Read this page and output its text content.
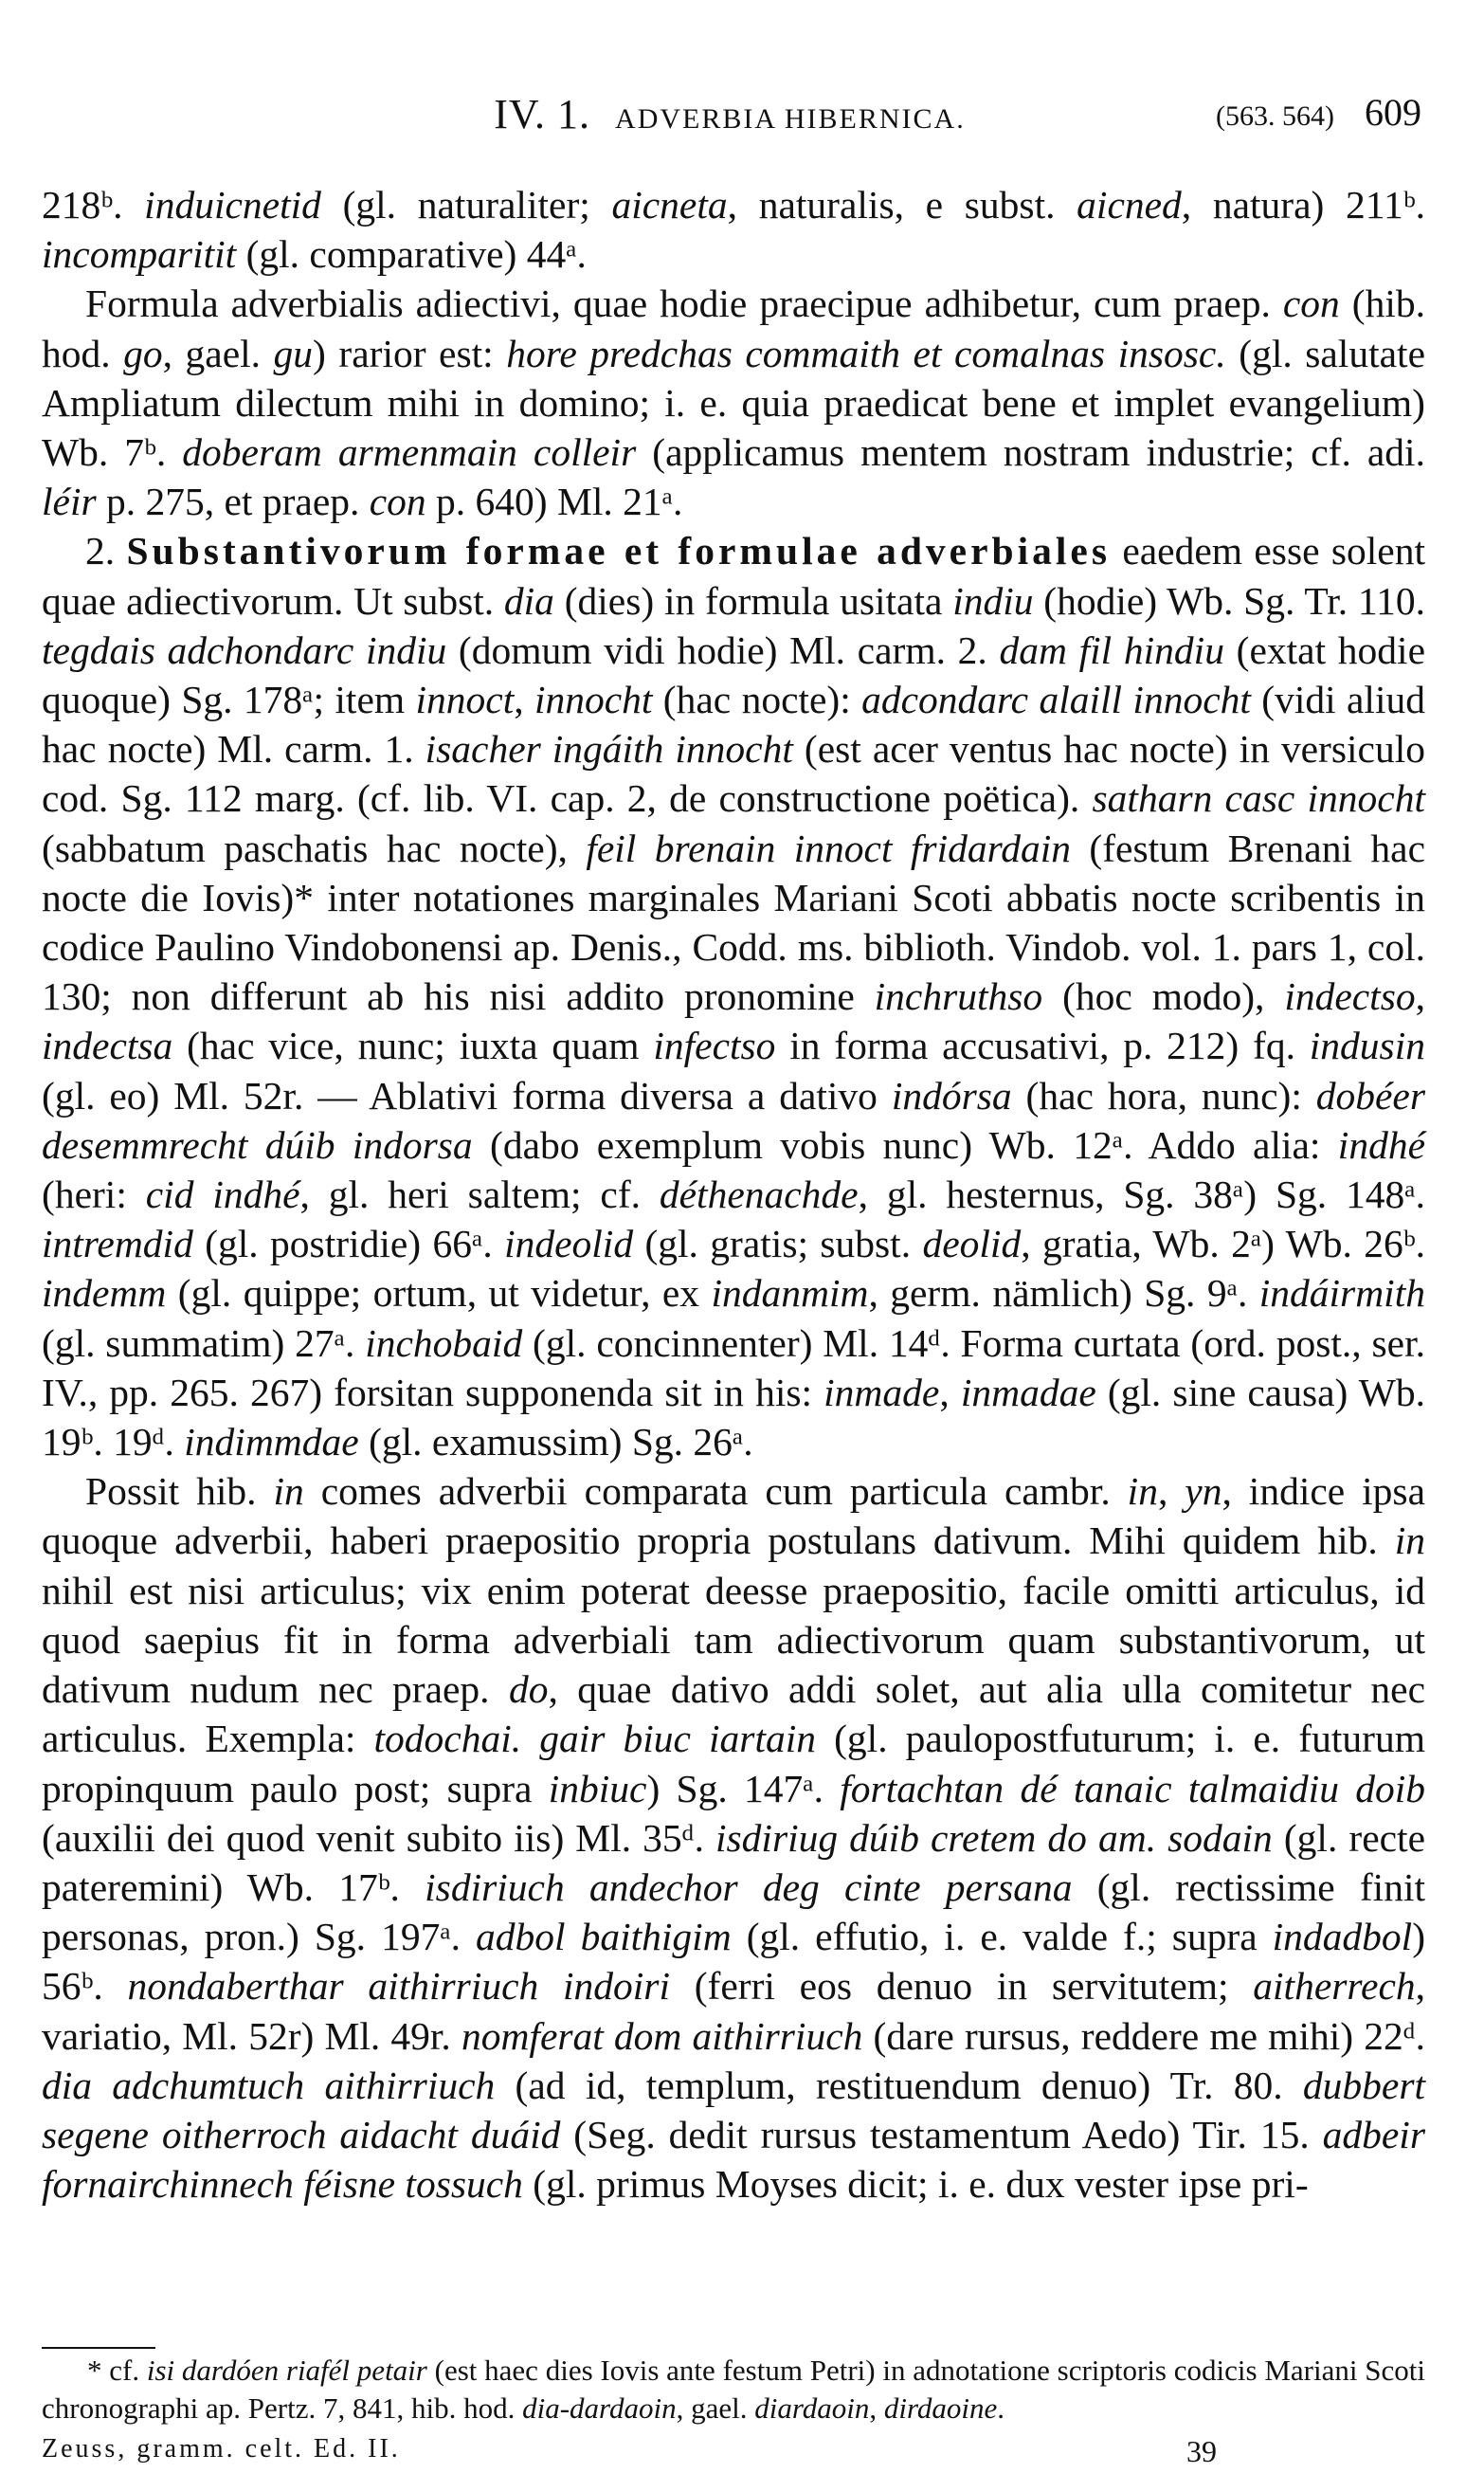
IV. 1. ADVERBIA HIBERNICA.	(563. 564) 609

218ᵇ. induicnetid (gl. naturaliter; aicneta, naturalis, e subst. aicned, natura) 211ᵇ. incomparitit (gl. comparative) 44ᵃ.

Formula adverbialis adiectivi, quae hodie praecipue adhibetur, cum praep. con (hib. hod. go, gael. gu) rarior est: hore predchas commaith et comalnas insosc. (gl. salutate Ampliatum dilectum mihi in domino; i. e. quia praedicat bene et implet evangelium) Wb. 7ᵇ. doberam armenmain colleir (applicamus mentem nostram industrie; cf. adi. léir p. 275, et praep. con p. 640) Ml. 21ᵃ.

2. Substantivorum formae et formulae adverbiales eaedem esse solent quae adiectivorum. Ut subst. dia (dies) in formula usitata indiu (hodie) Wb. Sg. Tr. 110. tegdais adchondarc indiu (domum vidi hodie) Ml. carm. 2. dam fil hindiu (extat hodie quoque) Sg. 178ᵃ; item innoct, innocht (hac nocte): adcondarc alaill innocht (vidi aliud hac nocte) Ml. carm. 1. isacher ingáith innocht (est acer ventus hac nocte) in versiculo cod. Sg. 112 marg. (cf. lib. VI. cap. 2, de constructione poëtica). satharn casc innocht (sabbatum paschatis hac nocte), feil brenain innoct fridardain (festum Brenani hac nocte die Iovis)* inter notationes marginales Mariani Scoti abbatis nocte scribentis in codice Paulino Vindobonensi ap. Denis., Codd. ms. biblioth. Vindob. vol. 1. pars 1, col. 130; non differunt ab his nisi addito pronomine inchruthso (hoc modo), indectso, indectsa (hac vice, nunc; iuxta quam infectso in forma accusativi, p. 212) fq. indusin (gl. eo) Ml. 52r. — Ablativi forma diversa a dativo indórsa (hac hora, nunc): dobéer desemmrecht dúib indorsa (dabo exemplum vobis nunc) Wb. 12ᵃ. Addo alia: indhé (heri: cid indhé, gl. heri saltem; cf. déthenachde, gl. hesternus, Sg. 38ᵃ) Sg. 148ᵃ. intremdid (gl. postridie) 66ᵃ. indeolid (gl. gratis; subst. deolid, gratia, Wb. 2ᵃ) Wb. 26ᵇ. indemm (gl. quippe; ortum, ut videtur, ex indanmim, germ. nämlich) Sg. 9ᵃ. indáirmith (gl. summatim) 27ᵃ. inchobaid (gl. concinnenter) Ml. 14ᵈ. Forma curtata (ord. post., ser. IV., pp. 265. 267) forsitan supponenda sit in his: inmade, inmadae (gl. sine causa) Wb. 19ᵇ. 19ᵈ. indimmdae (gl. examussim) Sg. 26ᵃ.

Possit hib. in comes adverbii comparata cum particula cambr. in, yn, indice ipsa quoque adverbii, haberi praepositio propria postulans dativum. Mihi quidem hib. in nihil est nisi articulus; vix enim poterat deesse praepositio, facile omitti articulus, id quod saepius fit in forma adverbiali tam adiectivorum quam substantivorum, ut dativum nudum nec praep. do, quae dativo addi solet, aut alia ulla comitetur nec articulus. Exempla: todochai. gair biuc iartain (gl. paulopostfuturum; i. e. futurum propinquum paulo post; supra inbiuc) Sg. 147ᵃ. fortachtan dé tanaic talmaidiu doib (auxilii dei quod venit subito iis) Ml. 35ᵈ. isdiriug dúib cretem do am. sodain (gl. recte pateremini) Wb. 17ᵇ. isdiriuch andechor deg cinte persana (gl. rectissime finit personas, pron.) Sg. 197ᵃ. adbol baithigim (gl. effutio, i. e. valde f.; supra indadbol) 56ᵇ. nondaberthar aithirriuch indoiri (ferri eos denuo in servitutem; aitherrech, variatio, Ml. 52r) Ml. 49r. nomferat dom aithirriuch (dare rursus, reddere me mihi) 22ᵈ. dia adchumtuch aithirriuch (ad id, templum, restituendum denuo) Tr. 80. dubbert segene oitherroch aidacht duáid (Seg. dedit rursus testamentum Aedo) Tir. 15. adbeir fornairchinnech féisne tossuch (gl. primus Moyses dicit; i. e. dux vester ipse pri-

* cf. isi dardóen riafél petair (est haec dies Iovis ante festum Petri) in adnotatione scriptoris codicis Mariani Scoti chronographi ap. Pertz. 7, 841, hib. hod. dia-dardaoin, gael. diardaoin, dirdaoine.

Zeuss, gramm. celt. Ed. II.	39
